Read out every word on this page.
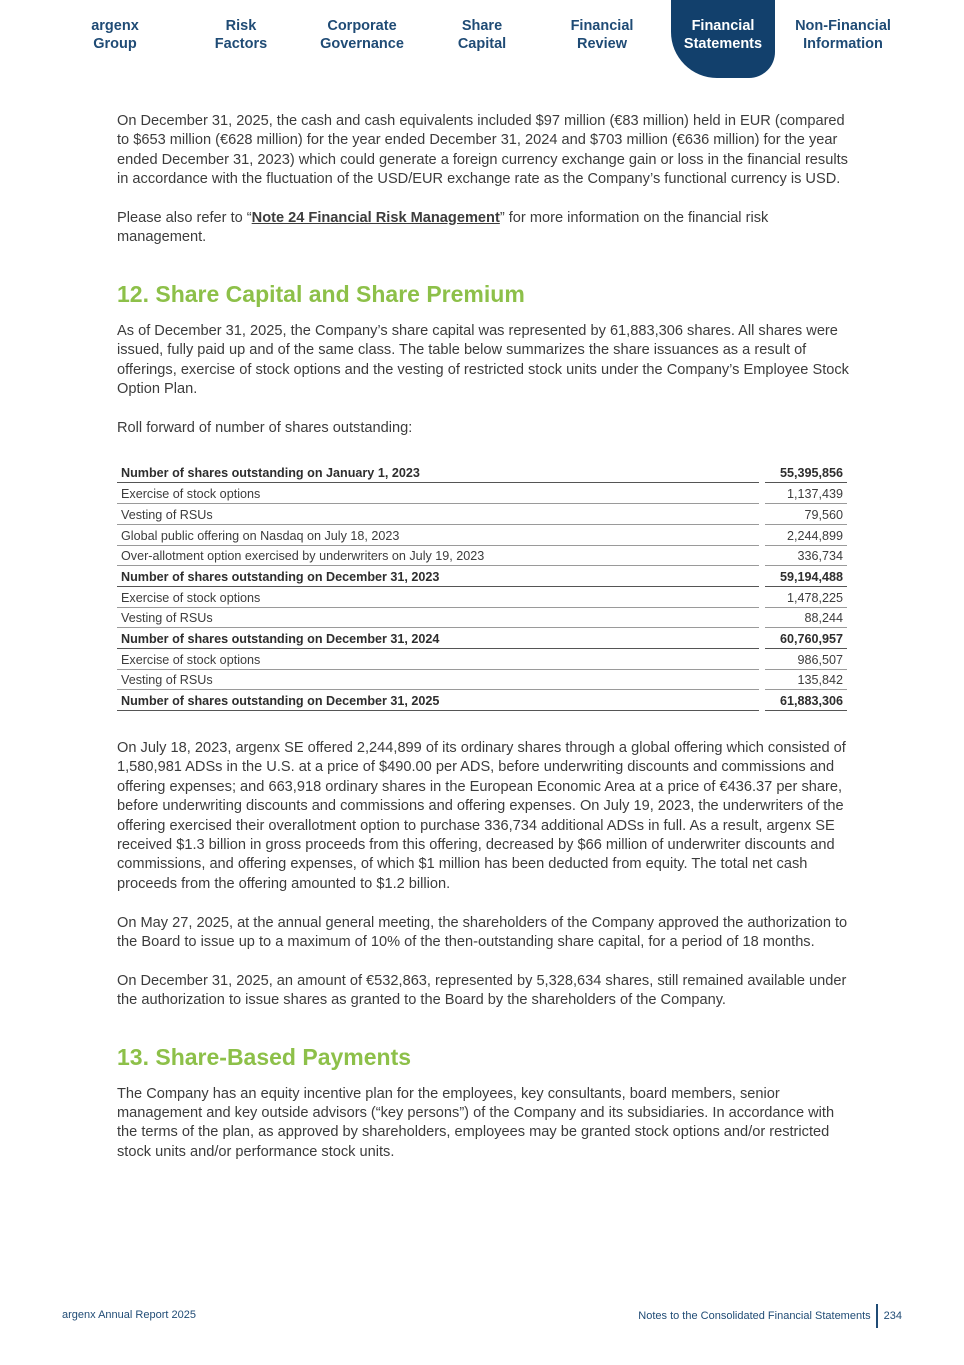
argenx
Group
Risk
Factors
Corporate
Governance
Share
Capital
Financial
Review
Financial
Statements
Non-Financial
Information

On December 31, 2025, the cash and cash equivalents included $97 million (€83 million) held in EUR (compared to $653 million (€628 million) for the year ended December 31, 2024 and $703 million (€636 million) for the year ended December 31, 2023) which could generate a foreign currency exchange gain or loss in the financial results in accordance with the fluctuation of the USD/EUR exchange rate as the Company’s functional currency is USD.

Please also refer to “Note 24 Financial Risk Management” for more information on the financial risk management.

12. Share Capital and Share Premium

As of December 31, 2025, the Company’s share capital was represented by 61,883,306 shares. All shares were issued, fully paid up and of the same class. The table below summarizes the share issuances as a result of offerings, exercise of stock options and the vesting of restricted stock units under the Company’s Employee Stock Option Plan.

Roll forward of number of shares outstanding:

Number of shares outstanding on January 1, 2023		55,395,856
Exercise of stock options		1,137,439
Vesting of RSUs		79,560
Global public offering on Nasdaq on July 18, 2023		2,244,899
Over-allotment option exercised by underwriters on July 19, 2023		336,734
Number of shares outstanding on December 31, 2023		59,194,488
Exercise of stock options		1,478,225
Vesting of RSUs		88,244
Number of shares outstanding on December 31, 2024		60,760,957
Exercise of stock options		986,507
Vesting of RSUs		135,842
Number of shares outstanding on December 31, 2025		61,883,306

On July 18, 2023, argenx SE offered 2,244,899 of its ordinary shares through a global offering which consisted of 1,580,981 ADSs in the U.S. at a price of $490.00 per ADS, before underwriting discounts and commissions and offering expenses; and 663,918 ordinary shares in the European Economic Area at a price of €436.37 per share, before underwriting discounts and commissions and offering expenses. On July 19, 2023, the underwriters of the offering exercised their overallotment option to purchase 336,734 additional ADSs in full. As a result, argenx SE received $1.3 billion in gross proceeds from this offering, decreased by $66 million of underwriter discounts and commissions, and offering expenses, of which $1 million has been deducted from equity. The total net cash proceeds from the offering amounted to $1.2 billion.

On May 27, 2025, at the annual general meeting, the shareholders of the Company approved the authorization to the Board to issue up to a maximum of 10% of the then-outstanding share capital, for a period of 18 months.

On December 31, 2025, an amount of €532,863, represented by 5,328,634 shares, still remained available under the authorization to issue shares as granted to the Board by the shareholders of the Company.

13. Share-Based Payments

The Company has an equity incentive plan for the employees, key consultants, board members, senior management and key outside advisors (“key persons”) of the Company and its subsidiaries. In accordance with the terms of the plan, as approved by shareholders, employees may be granted stock options and/or restricted stock units and/or performance stock units.

argenx Annual Report 2025	Notes to the Consolidated Financial Statements 234
